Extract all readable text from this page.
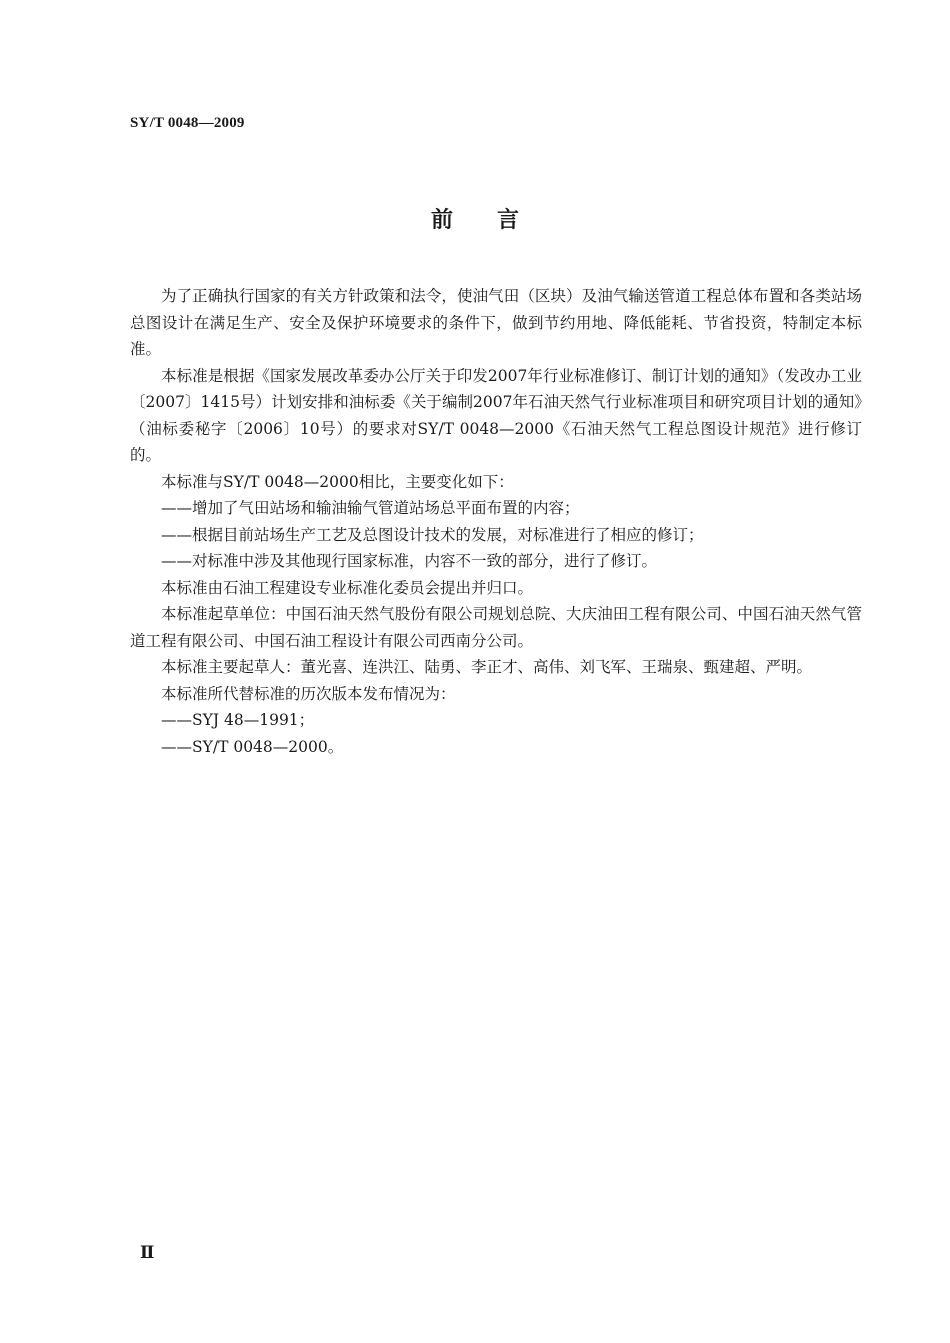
SY/T 0048—2009
前 言

为了正确执行国家的有关方针政策和法令，使油气田（区块）及油气输送管道工程总体布置和各类站场总图设计在满足生产、安全及保护环境要求的条件下，做到节约用地、降低能耗、节省投资，特制定本标准。

本标准是根据《国家发展改革委办公厅关于印发2007年行业标准修订、制订计划的通知》（发改办工业〔2007〕1415号）计划安排和油标委《关于编制2007年石油天然气行业标准项目和研究项目计划的通知》（油标委秘字〔2006〕10号）的要求对SY/T 0048—2000《石油天然气工程总图设计规范》进行修订的。

本标准与SY/T 0048—2000相比，主要变化如下：

——增加了气田站场和输油输气管道站场总平面布置的内容；

——根据目前站场生产工艺及总图设计技术的发展，对标准进行了相应的修订；

——对标准中涉及其他现行国家标准，内容不一致的部分，进行了修订。

本标准由石油工程建设专业标准化委员会提出并归口。

本标准起草单位：中国石油天然气股份有限公司规划总院、大庆油田工程有限公司、中国石油天然气管道工程有限公司、中国石油工程设计有限公司西南分公司。

本标准主要起草人：董光喜、连洪江、陆勇、李正才、高伟、刘飞军、王瑞泉、甄建超、严明。

本标准所代替标准的历次版本发布情况为：

——SYJ 48—1991；

——SY/T 0048—2000。

Ⅱ
